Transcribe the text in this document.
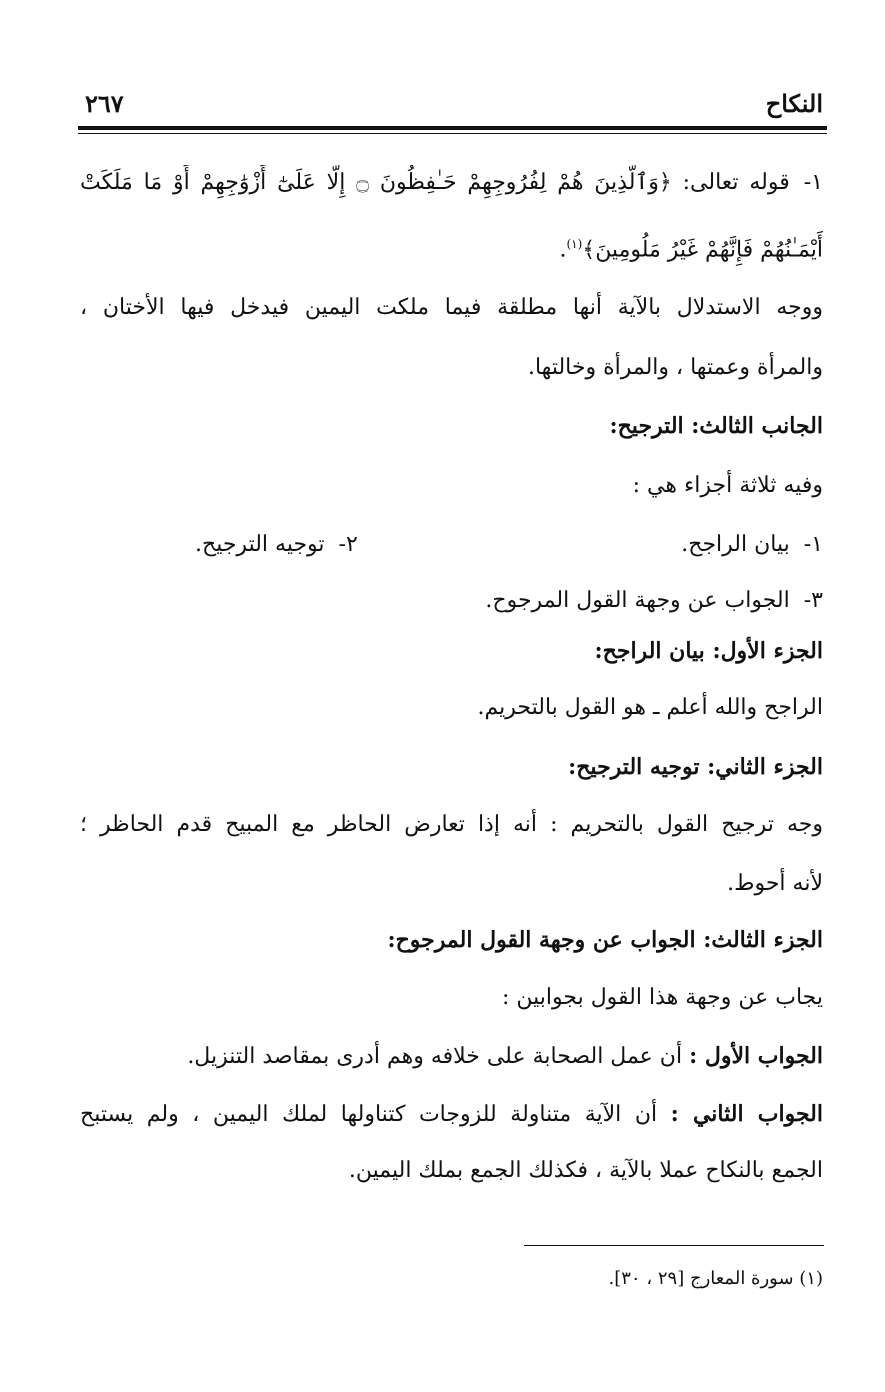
النكاح
٢٦٧
١-قوله تعالى: ﴿وَٱلَّذِينَ هُمْ لِفُرُوجِهِمْ حَـٰفِظُونَ ۝ إِلَّا عَلَىٰٓ أَزْوَٰجِهِمْ أَوْ مَا مَلَكَتْ
أَيْمَـٰنُهُمْ فَإِنَّهُمْ غَيْرُ مَلُومِينَ﴾$^{(١)}$.
ووجه الاستدلال بالآية أنها مطلقة فيما ملكت اليمين فيدخل فيها الأختان ،
والمرأة وعمتها ، والمرأة وخالتها.
الجانب الثالث: الترجيح:
وفيه ثلاثة أجزاء هي :
١-بيان الراجح.
٢-توجيه الترجيح.
٣-الجواب عن وجهة القول المرجوح.
الجزء الأول: بيان الراجح:
الراجح والله أعلم ـ هو القول بالتحريم.
الجزء الثاني: توجيه الترجيح:
وجه ترجيح القول بالتحريم : أنه إذا تعارض الحاظر مع المبيح قدم الحاظر ؛
لأنه أحوط.
الجزء الثالث: الجواب عن وجهة القول المرجوح:
يجاب عن وجهة هذا القول بجوابين :
الجواب الأول : أن عمل الصحابة على خلافه وهم أدرى بمقاصد التنزيل.
الجواب الثاني : أن الآية متناولة للزوجات كتناولها لملك اليمين ، ولم يستبح
الجمع بالنكاح عملا بالآية ، فكذلك الجمع بملك اليمين.
(١) سورة المعارج [٢٩ ، ٣٠].
